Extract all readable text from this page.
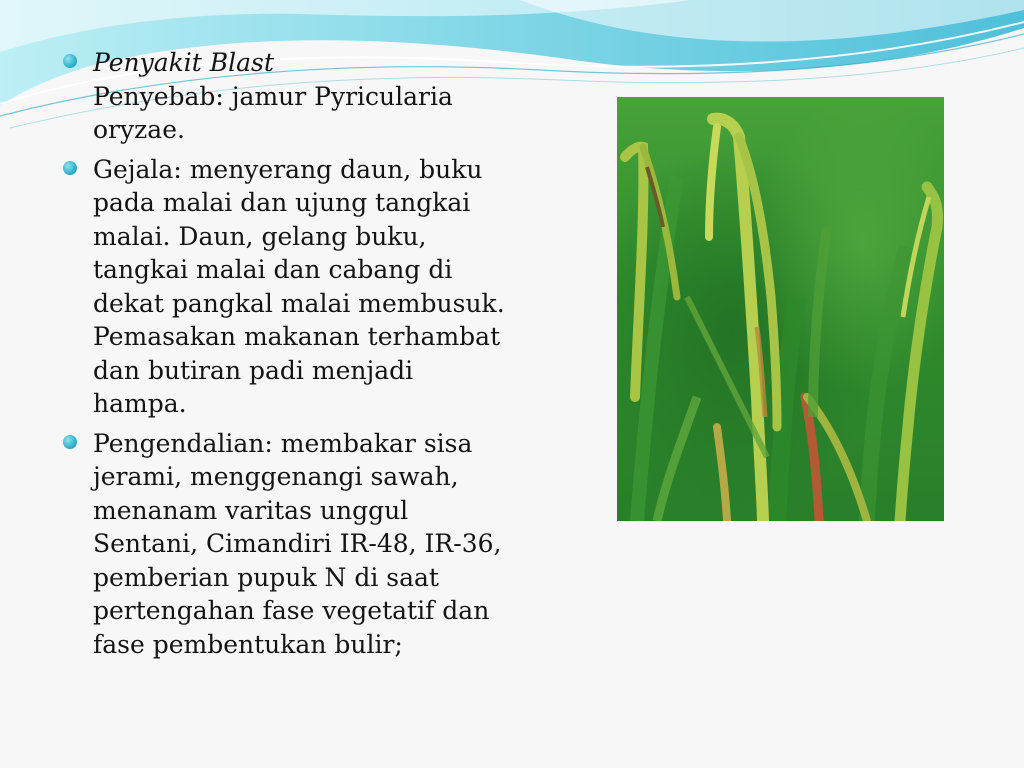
Penyakit Blast
Penyebab: jamur Pyricularia
oryzae.
Gejala: menyerang daun, buku
pada malai dan ujung tangkai
malai. Daun, gelang buku,
tangkai malai dan cabang di
dekat pangkal malai membusuk.
Pemasakan makanan terhambat
dan butiran padi menjadi
hampa.
Pengendalian: membakar sisa
jerami, menggenangi sawah,
menanam varitas unggul
Sentani, Cimandiri IR-48, IR-36,
pemberian pupuk N di saat
pertengahan fase vegetatif dan
fase pembentukan bulir;
